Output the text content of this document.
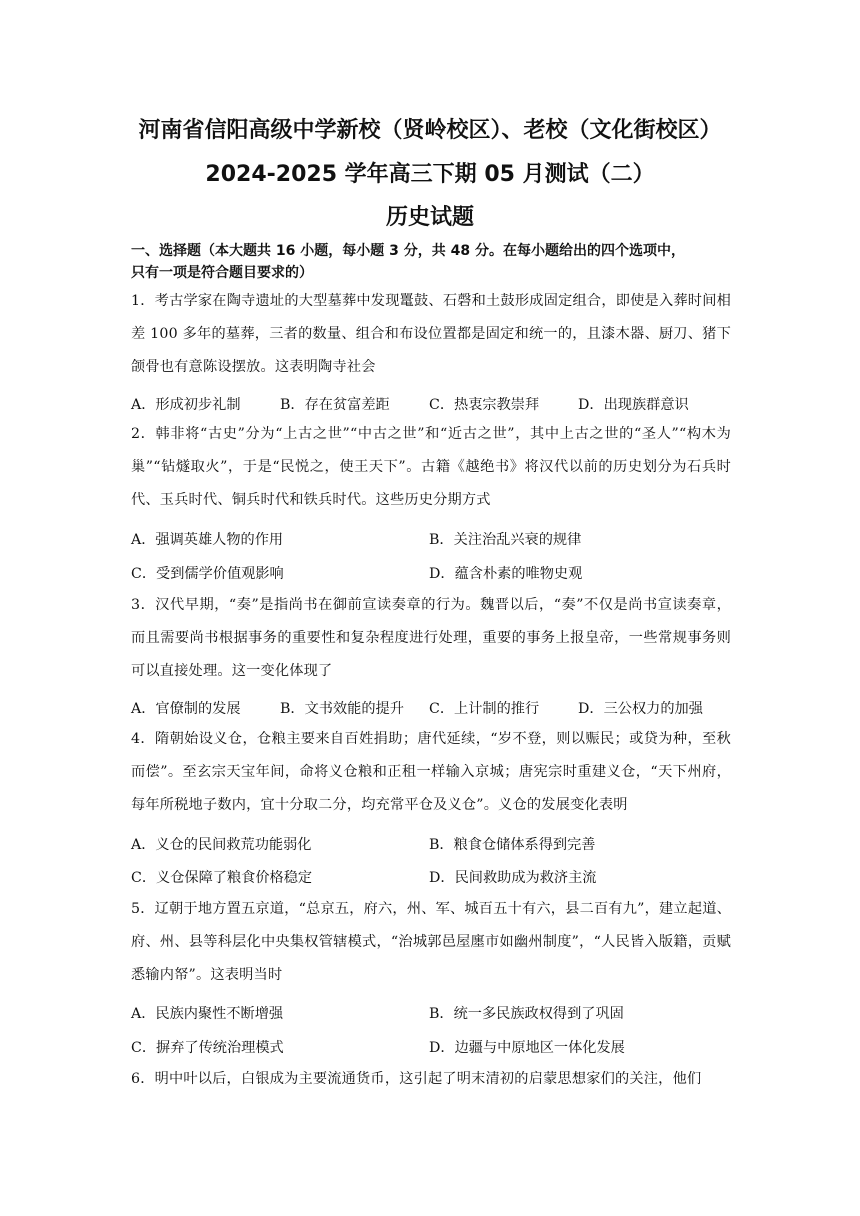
河南省信阳高级中学新校（贤岭校区）、老校（文化街校区）
2024-2025 学年高三下期 05 月测试（二）
历史试题
一、选择题（本大题共 16 小题，每小题 3 分，共 48 分。在每小题给出的四个选项中，
只有一项是符合题目要求的）
1．考古学家在陶寺遗址的大型墓葬中发现鼍鼓、石磬和土鼓形成固定组合，即使是入葬时间相差 100 多年的墓葬，三者的数量、组合和布设位置都是固定和统一的，且漆木器、厨刀、猪下颌骨也有意陈设摆放。这表明陶寺社会
A．形成初步礼制	B．存在贫富差距	C．热衷宗教崇拜	D．出现族群意识
2．韩非将“古史”分为“上古之世”“中古之世”和“近古之世”，其中上古之世的“圣人”“构木为巢”“钻燧取火”，于是“民悦之，使王天下”。古籍《越绝书》将汉代以前的历史划分为石兵时代、玉兵时代、铜兵时代和铁兵时代。这些历史分期方式
A．强调英雄人物的作用	B．关注治乱兴衰的规律
C．受到儒学价值观影响	D．蕴含朴素的唯物史观
3．汉代早期，“奏”是指尚书在御前宣读奏章的行为。魏晋以后，“奏”不仅是尚书宣读奏章，而且需要尚书根据事务的重要性和复杂程度进行处理，重要的事务上报皇帝，一些常规事务则可以直接处理。这一变化体现了
A．官僚制的发展	B．文书效能的提升 C．上计制的推行	D．三公权力的加强
4．隋朝始设义仓，仓粮主要来自百姓捐助；唐代延续，“岁不登，则以赈民；或贷为种，至秋而偿”。至玄宗天宝年间，命将义仓粮和正租一样输入京城；唐宪宗时重建义仓，“天下州府，每年所税地子数内，宜十分取二分，均充常平仓及义仓”。义仓的发展变化表明
A．义仓的民间救荒功能弱化	B．粮食仓储体系得到完善
C．义仓保障了粮食价格稳定	D．民间救助成为救济主流
5．辽朝于地方置五京道，“总京五，府六，州、军、城百五十有六，县二百有九”，建立起道、府、州、县等科层化中央集权管辖模式，“治城郭邑屋廛市如幽州制度”，“人民皆入版籍，贡赋悉输内帑”。这表明当时
A．民族内聚性不断增强	B．统一多民族政权得到了巩固
C．摒弃了传统治理模式	D．边疆与中原地区一体化发展
6．明中叶以后，白银成为主要流通货币，这引起了明末清初的启蒙思想家们的关注，他们
